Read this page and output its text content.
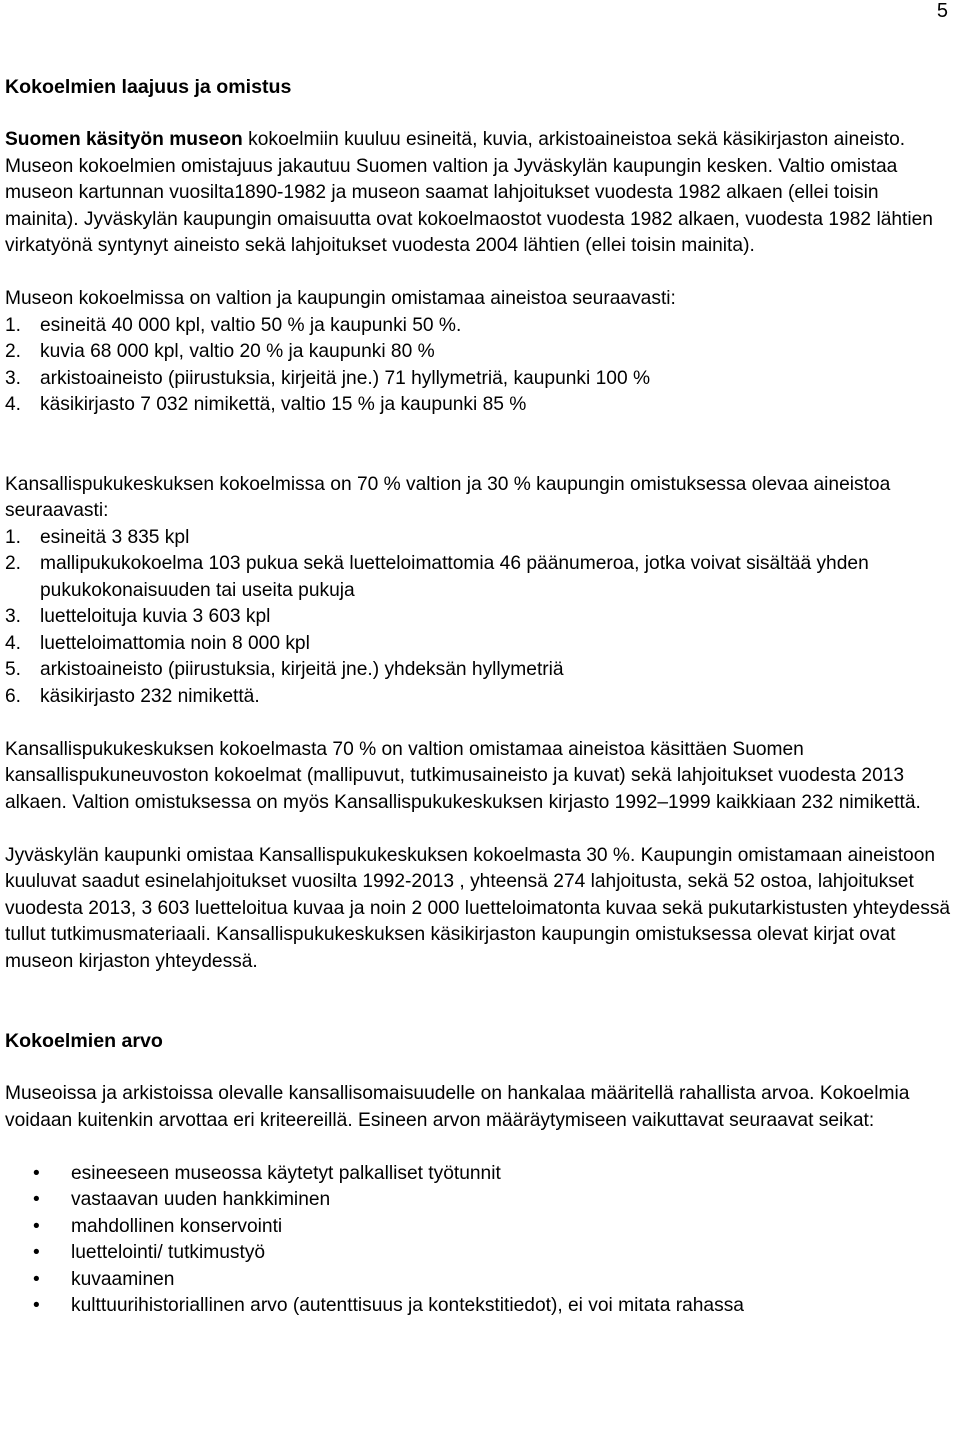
5
Kokoelmien laajuus ja omistus

Suomen käsityön museon kokoelmiin kuuluu esineitä, kuvia, arkistoaineistoa sekä käsikirjaston aineisto. Museon kokoelmien omistajuus jakautuu Suomen valtion ja Jyväskylän kaupungin kesken. Valtio omistaa museon kartunnan vuosilta1890-1982 ja museon saamat lahjoitukset vuodesta 1982 alkaen (ellei toisin mainita). Jyväskylän kaupungin omaisuutta ovat kokoelmaostot vuodesta 1982 alkaen, vuodesta 1982 lähtien virkatyönä syntynyt aineisto sekä lahjoitukset vuodesta 2004 lähtien (ellei toisin mainita).

Museon kokoelmissa on valtion ja kaupungin omistamaa aineistoa seuraavasti:

1. esineitä 40 000 kpl, valtio 50 % ja kaupunki 50 %.
2. kuvia 68 000 kpl, valtio 20 % ja kaupunki 80 %
3. arkistoaineisto (piirustuksia, kirjeitä jne.) 71 hyllymetriä, kaupunki 100 %
4. käsikirjasto 7 032 nimikettä, valtio 15 % ja kaupunki 85 %

Kansallispukukeskuksen kokoelmissa on 70 % valtion ja 30 % kaupungin omistuksessa olevaa aineistoa seuraavasti:

1. esineitä 3 835 kpl
2. mallipukukokoelma 103 pukua sekä luetteloimattomia 46 päänumeroa, jotka voivat sisältää yhden pukukokonaisuuden tai useita pukuja
3. luetteloituja kuvia 3 603 kpl
4. luetteloimattomia noin 8 000 kpl
5. arkistoaineisto (piirustuksia, kirjeitä jne.) yhdeksän hyllymetriä
6. käsikirjasto 232 nimikettä.

Kansallispukukeskuksen kokoelmasta 70 % on valtion omistamaa aineistoa käsittäen Suomen kansallispukuneuvoston kokoelmat (mallipuvut, tutkimusaineisto ja kuvat) sekä lahjoitukset vuodesta 2013 alkaen. Valtion omistuksessa on myös Kansallispukukeskuksen kirjasto 1992–1999 kaikkiaan 232 nimikettä.

Jyväskylän kaupunki omistaa Kansallispukukeskuksen kokoelmasta 30 %. Kaupungin omistamaan aineistoon kuuluvat saadut esinelahjoitukset vuosilta 1992-2013 , yhteensä 274 lahjoitusta, sekä 52 ostoa, lahjoitukset vuodesta 2013, 3 603 luetteloitua kuvaa ja noin 2 000 luetteloimatonta kuvaa sekä pukutarkistusten yhteydessä tullut tutkimusmateriaali. Kansallispukukeskuksen käsikirjaston kaupungin omistuksessa olevat kirjat ovat museon kirjaston yhteydessä.

Kokoelmien arvo

Museoissa ja arkistoissa olevalle kansallisomaisuudelle on hankalaa määritellä rahallista arvoa. Kokoelmia voidaan kuitenkin arvottaa eri kriteereillä. Esineen arvon määräytymiseen vaikuttavat seuraavat seikat:

• esineeseen museossa käytetyt palkalliset työtunnit
• vastaavan uuden hankkiminen
• mahdollinen konservointi
• luettelointi/ tutkimustyö
• kuvaaminen
• kulttuurihistoriallinen arvo (autenttisuus ja kontekstitiedot), ei voi mitata rahassa
